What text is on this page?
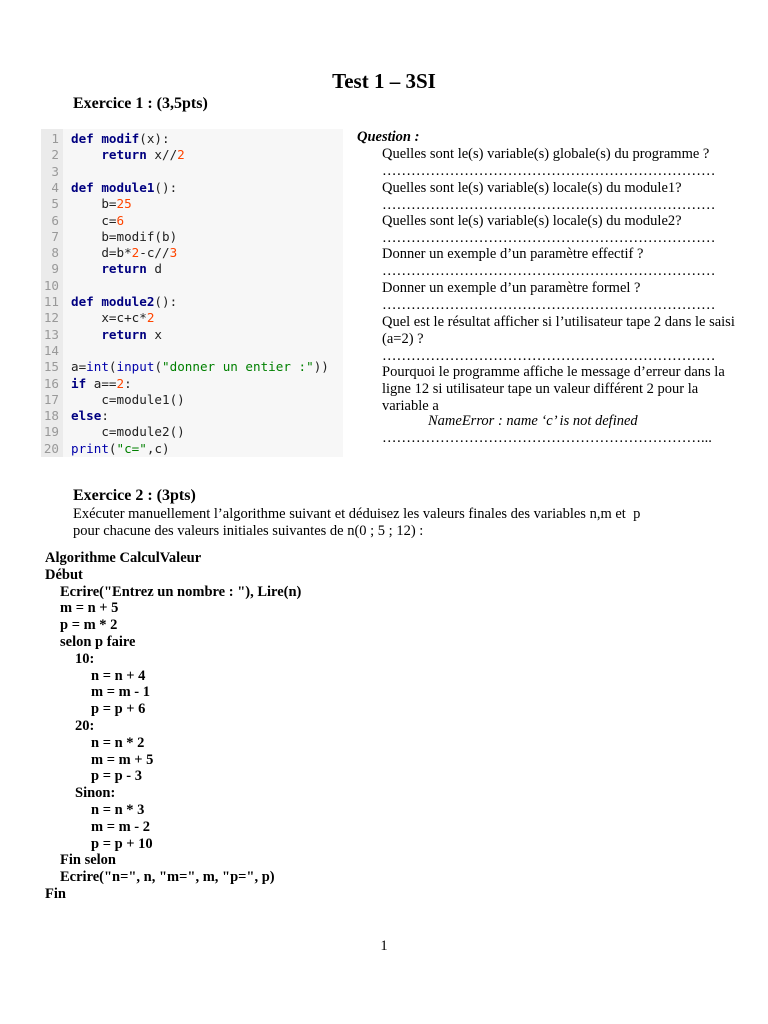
Test 1 – 3SI
Exercice 1 : (3,5pts)
1 def modif(x):
2	return x//2
3
4 def module1():
5 b=25
6 c=6
7 b=modif(b)
8 d=b*2-c//3
9	return d
10
11 def module2():
12 x=c+c*2
13	return x
14
15 a=int(input("donner un entier :"))
16 if a==2:
17 c=module1()
18 else:
19 c=module2()
20 print("c=",c)
Question :
Quelles sont le(s) variable(s) globale(s) du programme ?
……………………………………………………………
Quelles sont le(s) variable(s) locale(s) du module1?
……………………………………………………………
Quelles sont le(s) variable(s) locale(s) du module2?
……………………………………………………………
Donner un exemple d’un paramètre effectif ?
……………………………………………………………
Donner un exemple d’un paramètre formel ?
……………………………………………………………
Quel est le résultat afficher si l’utilisateur tape 2 dans le saisi
(a=2) ?
……………………………………………………………
Pourquoi le programme affiche le message d’erreur dans la
ligne 12 si utilisateur tape un valeur différent 2 pour la
variable a
NameError : name ‘c’ is not defined
…………………………………………………………...
Exercice 2 : (3pts)
Exécuter manuellement l’algorithme suivant et déduisez les valeurs finales des variables n,m et  p
pour chacune des valeurs initiales suivantes de n(0 ; 5 ; 12) :
Algorithme CalculValeur
Début
Ecrire("Entrez un nombre : "), Lire(n)
m = n + 5
p = m * 2
selon p faire
10:
n = n + 4
m = m - 1
p = p + 6
20:
n = n * 2
m = m + 5
p = p - 3
Sinon:
n = n * 3
m = m - 2
p = p + 10
Fin selon
Ecrire("n=", n, "m=", m, "p=", p)
Fin
1
